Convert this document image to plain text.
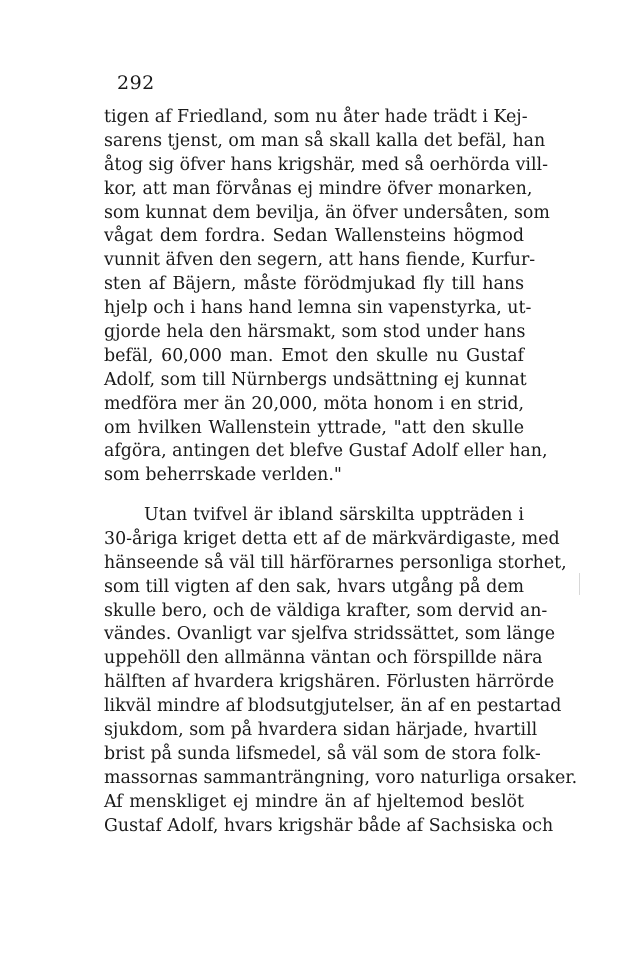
292
tigen af Friedland, som nu åter hade trädt i Kej-
sarens tjenst, om man så skall kalla det befäl, han
åtog sig öfver hans krigshär, med så oerhörda vill-
kor, att man förvånas ej mindre öfver monarken,
som kunnat dem bevilja, än öfver undersåten, som
vågat dem fordra. Sedan Wallensteins högmod
vunnit äfven den segern, att hans fiende, Kurfur-
sten af Bäjern, måste förödmjukad fly till hans
hjelp och i hans hand lemna sin vapenstyrka, ut-
gjorde hela den härsmakt, som stod under hans
befäl, 60,000 man. Emot den skulle nu Gustaf
Adolf, som till Nürnbergs undsättning ej kunnat
medföra mer än 20,000, möta honom i en strid,
om hvilken Wallenstein yttrade, "att den skulle
afgöra, antingen det blefve Gustaf Adolf eller han,
som beherrskade verlden."
Utan tvifvel är ibland särskilta uppträden i
30-åriga kriget detta ett af de märkvärdigaste, med
hänseende så väl till härförarnes personliga storhet,
som till vigten af den sak, hvars utgång på dem
skulle bero, och de väldiga krafter, som dervid an-
vändes. Ovanligt var sjelfva stridssättet, som länge
uppehöll den allmänna väntan och förspillde nära
hälften af hvardera krigshären. Förlusten härrörde
likväl mindre af blodsutgjutelser, än af en pestartad
sjukdom, som på hvardera sidan härjade, hvartill
brist på sunda lifsmedel, så väl som de stora folk-
massornas sammanträngning, voro naturliga orsaker.
Af menskliget ej mindre än af hjeltemod beslöt
Gustaf Adolf, hvars krigshär både af Sachsiska och
